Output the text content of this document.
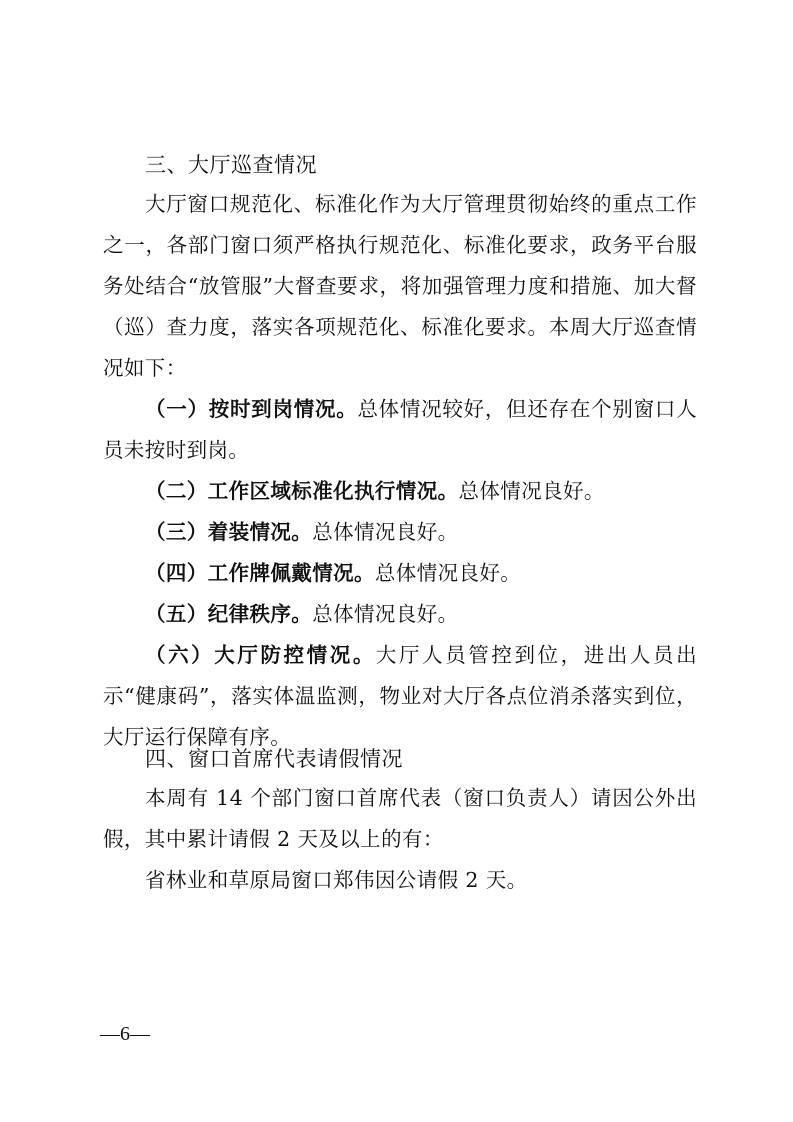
三、大厅巡查情况
大厅窗口规范化、标准化作为大厅管理贯彻始终的重点工作之一，各部门窗口须严格执行规范化、标准化要求，政务平台服务处结合“放管服”大督查要求，将加强管理力度和措施、加大督（巡）查力度，落实各项规范化、标准化要求。本周大厅巡查情况如下：
（一）按时到岗情况。总体情况较好，但还存在个别窗口人员未按时到岗。
（二）工作区域标准化执行情况。总体情况良好。
（三）着装情况。总体情况良好。
（四）工作牌佩戴情况。总体情况良好。
（五）纪律秩序。总体情况良好。
（六）大厅防控情况。大厅人员管控到位，进出人员出示“健康码”，落实体温监测，物业对大厅各点位消杀落实到位，大厅运行保障有序。
四、窗口首席代表请假情况
本周有 14 个部门窗口首席代表（窗口负责人）请因公外出假，其中累计请假 2 天及以上的有：
省林业和草原局窗口郑伟因公请假 2 天。
—6—
